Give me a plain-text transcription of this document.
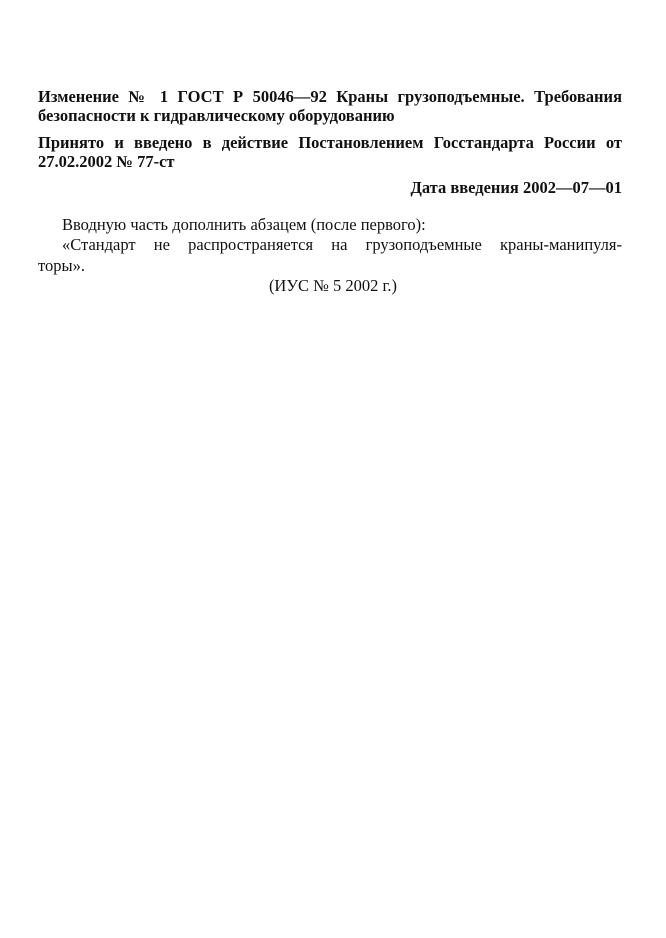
Изменение № 1 ГОСТ Р 50046—92 Краны грузоподъемные. Требования
безопасности к гидравлическому оборудованию
Принято и введено в действие Постановлением Госстандарта России от
27.02.2002 № 77-ст
Дата введения 2002—07—01
Вводную часть дополнить абзацем (после первого):
«Стандарт не распространяется на грузоподъемные краны-манипуля-
торы».
(ИУС № 5 2002 г.)
